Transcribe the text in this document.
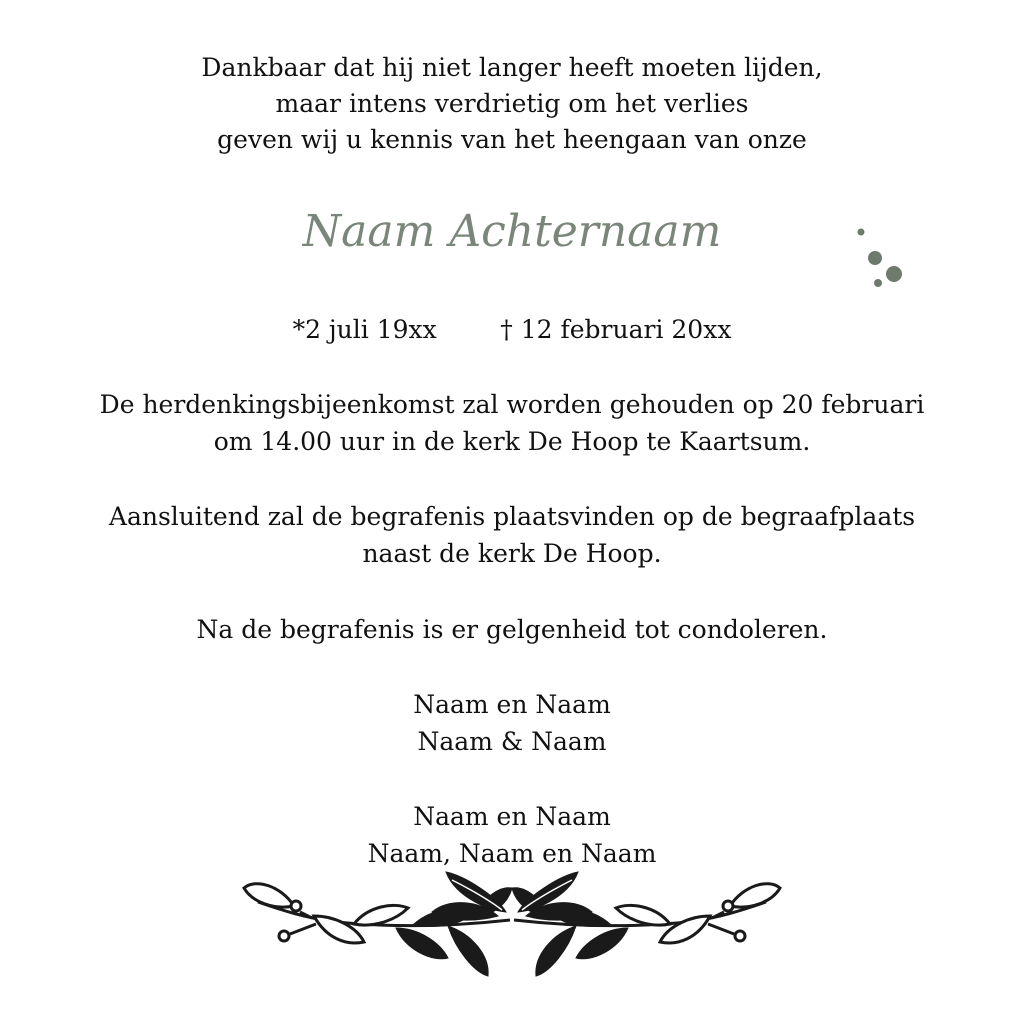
Dankbaar dat hij niet langer heeft moeten lijden,
maar intens verdrietig om het verlies
geven wij u kennis van het heengaan van onze
Naam Achternaam
*2 juli 19xx	† 12 februari 20xx
De herdenkingsbijeenkomst zal worden gehouden op 20 februari
om 14.00 uur in de kerk De Hoop te Kaartsum.
Aansluitend zal de begrafenis plaatsvinden op de begraafplaats
naast de kerk De Hoop.
Na de begrafenis is er gelgenheid tot condoleren.
Naam en Naam
Naam & Naam
Naam en Naam
Naam, Naam en Naam
